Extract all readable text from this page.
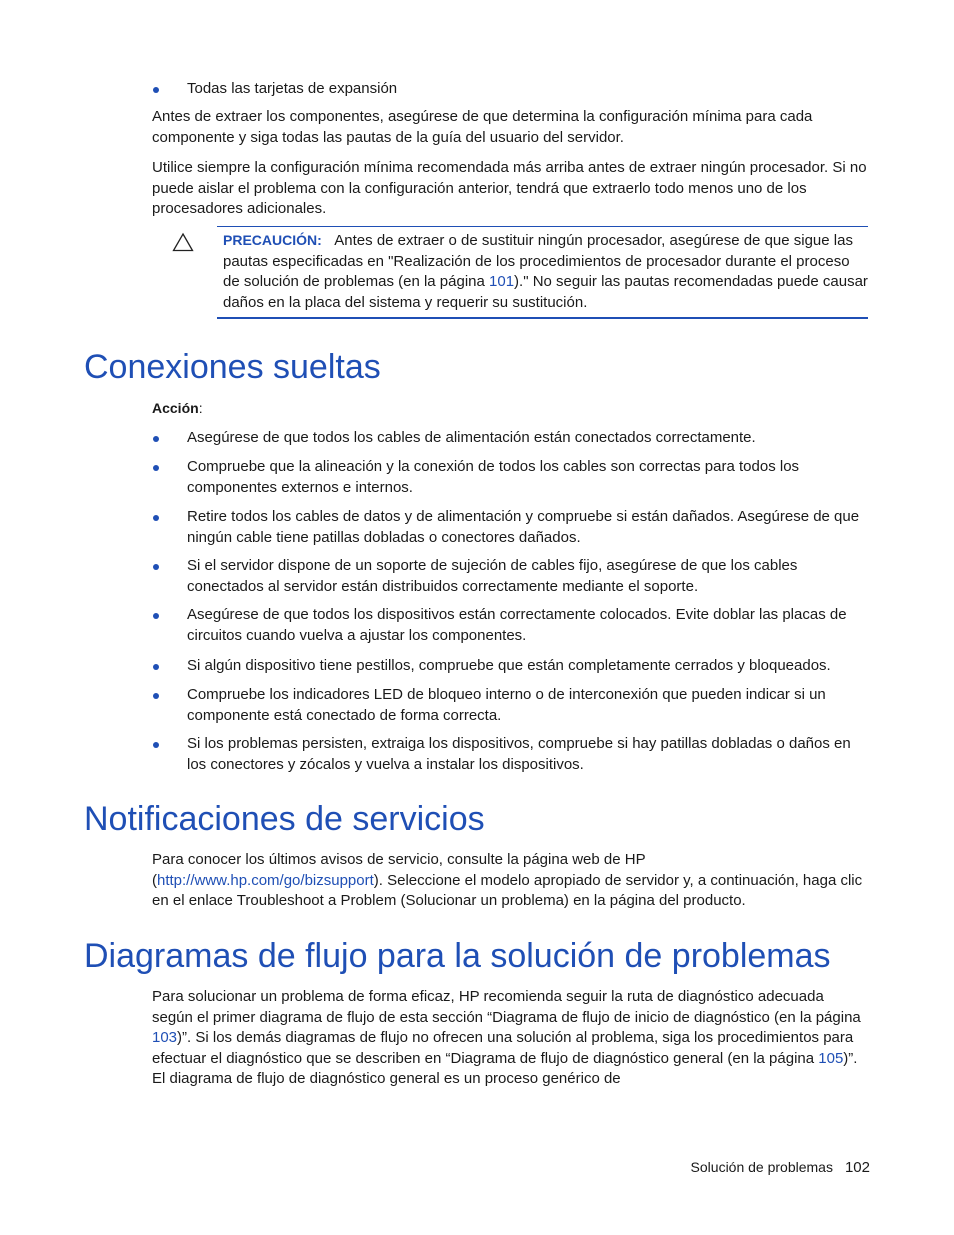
Todas las tarjetas de expansión

Antes de extraer los componentes, asegúrese de que determina la configuración mínima para cada componente y siga todas las pautas de la guía del usuario del servidor.

Utilice siempre la configuración mínima recomendada más arriba antes de extraer ningún procesador. Si no puede aislar el problema con la configuración anterior, tendrá que extraerlo todo menos uno de los procesadores adicionales.

PRECAUCIÓN: Antes de extraer o de sustituir ningún procesador, asegúrese de que sigue las pautas especificadas en "Realización de los procedimientos de procesador durante el proceso de solución de problemas (en la página 101)." No seguir las pautas recomendadas puede causar daños en la placa del sistema y requerir su sustitución.
Conexiones sueltas
Acción:
Asegúrese de que todos los cables de alimentación están conectados correctamente.
Compruebe que la alineación y la conexión de todos los cables son correctas para todos los componentes externos e internos.
Retire todos los cables de datos y de alimentación y compruebe si están dañados. Asegúrese de que ningún cable tiene patillas dobladas o conectores dañados.
Si el servidor dispone de un soporte de sujeción de cables fijo, asegúrese de que los cables conectados al servidor están distribuidos correctamente mediante el soporte.
Asegúrese de que todos los dispositivos están correctamente colocados. Evite doblar las placas de circuitos cuando vuelva a ajustar los componentes.
Si algún dispositivo tiene pestillos, compruebe que están completamente cerrados y bloqueados.
Compruebe los indicadores LED de bloqueo interno o de interconexión que pueden indicar si un componente está conectado de forma correcta.
Si los problemas persisten, extraiga los dispositivos, compruebe si hay patillas dobladas o daños en los conectores y zócalos y vuelva a instalar los dispositivos.
Notificaciones de servicios

Para conocer los últimos avisos de servicio, consulte la página web de HP (http://www.hp.com/go/bizsupport). Seleccione el modelo apropiado de servidor y, a continuación, haga clic en el enlace Troubleshoot a Problem (Solucionar un problema) en la página del producto.

Diagramas de flujo para la solución de problemas

Para solucionar un problema de forma eficaz, HP recomienda seguir la ruta de diagnóstico adecuada según el primer diagrama de flujo de esta sección “Diagrama de flujo de inicio de diagnóstico (en la página 103)”. Si los demás diagramas de flujo no ofrecen una solución al problema, siga los procedimientos para efectuar el diagnóstico que se describen en “Diagrama de flujo de diagnóstico general (en la página 105)”. El diagrama de flujo de diagnóstico general es un proceso genérico de

Solución de problemas 102
